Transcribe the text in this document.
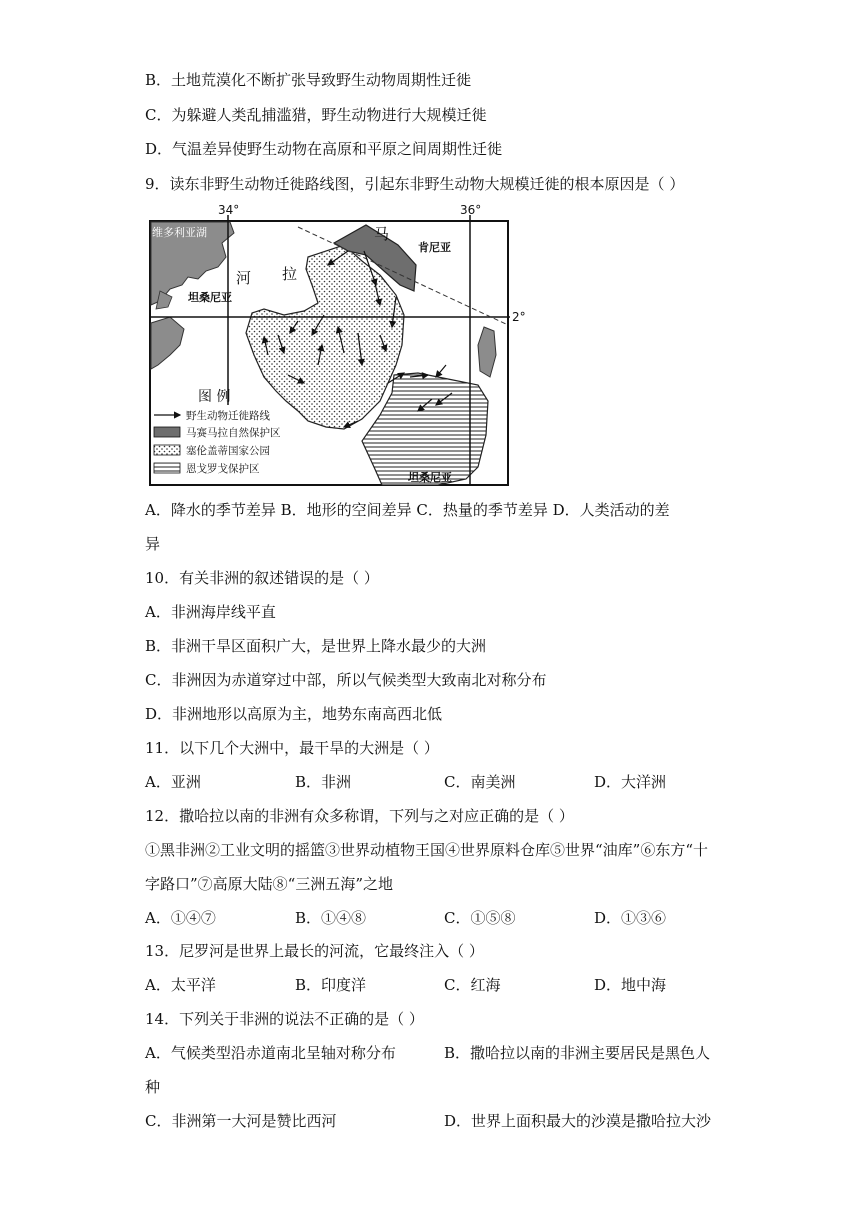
B．土地荒漠化不断扩张导致野生动物周期性迁徙
C．为躲避人类乱捕滥猎，野生动物进行大规模迁徙
D．气温差异使野生动物在高原和平原之间周期性迁徙
9．读东非野生动物迁徙路线图，引起东非野生动物大规模迁徙的根本原因是（ ）
34°	36°
2°
维多利亚湖
肯尼亚
坦桑尼亚
坦桑尼亚
马
河 拉
图 例
野生动物迁徙路线
马赛马拉自然保护区
塞伦盖蒂国家公园
恩戈罗戈保护区
A．降水的季节差异 B．地形的空间差异 C．热量的季节差异 D．人类活动的差
异
10．有关非洲的叙述错误的是（ ）
A．非洲海岸线平直
B．非洲干旱区面积广大，是世界上降水最少的大洲
C．非洲因为赤道穿过中部，所以气候类型大致南北对称分布
D．非洲地形以高原为主，地势东南高西北低
11．以下几个大洲中，最干旱的大洲是（ ）
A．亚洲	B．非洲	C．南美洲	D．大洋洲
12．撒哈拉以南的非洲有众多称谓，下列与之对应正确的是（ ）
①黑非洲②工业文明的摇篮③世界动植物王国④世界原料仓库⑤世界“油库”⑥东方“十
字路口”⑦高原大陆⑧“三洲五海”之地
A．①④⑦	B．①④⑧	C．①⑤⑧	D．①③⑥
13．尼罗河是世界上最长的河流，它最终注入（ ）
A．太平洋	B．印度洋	C．红海	D．地中海
14．下列关于非洲的说法不正确的是（ ）
A．气候类型沿赤道南北呈轴对称分布	B．撒哈拉以南的非洲主要居民是黑色人
种
C．非洲第一大河是赞比西河	D．世界上面积最大的沙漠是撒哈拉大沙
